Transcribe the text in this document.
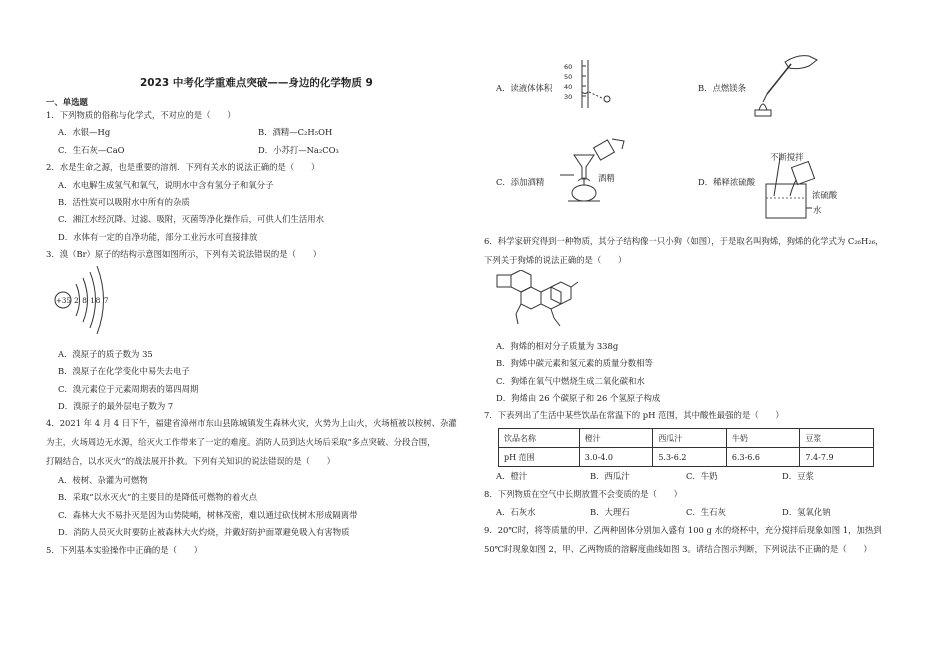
2023 中考化学重难点突破——身边的化学物质 9
一、单选题
1．下列物质的俗称与化学式，不对应的是（　　）
A．水银—Hg	B．酒精—C₂H₅OH
C．生石灰—CaO	D．小苏打—Na₂CO₃
2．水是生命之源，也是重要的溶剂．下列有关水的说法正确的是（　　）
A．水电解生成氢气和氧气，说明水中含有氢分子和氧分子
B．活性炭可以吸附水中所有的杂质
C．湘江水经沉降、过滤、吸附，灭菌等净化操作后，可供人们生活用水
D．水体有一定的自净功能，部分工业污水可直接排放
3．溴（Br）原子的结构示意图如图所示，下列有关说法错误的是（　　）
+35 2 8 18 7
A．溴原子的质子数为 35
B．溴原子在化学变化中易失去电子
C．溴元素位于元素周期表的第四周期
D．溴原子的最外层电子数为 7
4．2021 年 4 月 4 日下午，福建省漳州市东山县陈城镇发生森林火灾，火势为上山火，火场植被以桉树、杂灌
为主，火场周边无水源，给灭火工作带来了一定的难度。消防人员到达火场后采取“多点突破、分段合围，
打隔结合，以水灭火”的战法展开扑救。下列有关知识的说法错误的是（　　）
A．桉树、杂灌为可燃物
B．采取“以水灭火”的主要目的是降低可燃物的着火点
C．森林大火不易扑灭是因为山势陡峭，树林茂密，难以通过砍伐树木形成隔离带
D．消防人员灭火时要防止被森林大火灼烧，并戴好防护面罩避免吸入有害物质
5．下列基本实验操作中正确的是（　　）
60
50
40
30
A．读液体体积	B．点燃镁条
酒精
C．添加酒精
不断搅拌
浓硫酸
水
D．稀释浓硫酸
6．科学家研究得到一种物质，其分子结构像一只小狗（如图），于是取名叫狗烯，狗烯的化学式为 C₂₆H₂₆，
下列关于狗烯的说法正确的是（　　）
A．狗烯的相对分子质量为 338g
B．狗烯中碳元素和氢元素的质量分数相等
C．狗烯在氧气中燃烧生成二氧化碳和水
D．狗烯由 26 个碳原子和 26 个氢原子构成
7．下表列出了生活中某些饮品在常温下的 pH 范围，其中酸性最强的是（　　）
饮品名称	橙汁	西瓜汁	牛奶	豆浆
pH 范围	3.0-4.0	5.3-6.2	6.3-6.6	7.4-7.9
A．橙汁	B．西瓜汁	C．牛奶	D．豆浆
8．下列物质在空气中长期放置不会变质的是（　　）
A．石灰水	B．大理石	C．生石灰	D．氢氧化钠
9．20℃时，将等质量的甲、乙两种固体分别加入盛有 100 g 水的烧杯中，充分搅拌后现象如图 1，加热到
50℃时现象如图 2，甲、乙两物质的溶解度曲线如图 3。请结合图示判断，下列说法不正确的是（　　）
